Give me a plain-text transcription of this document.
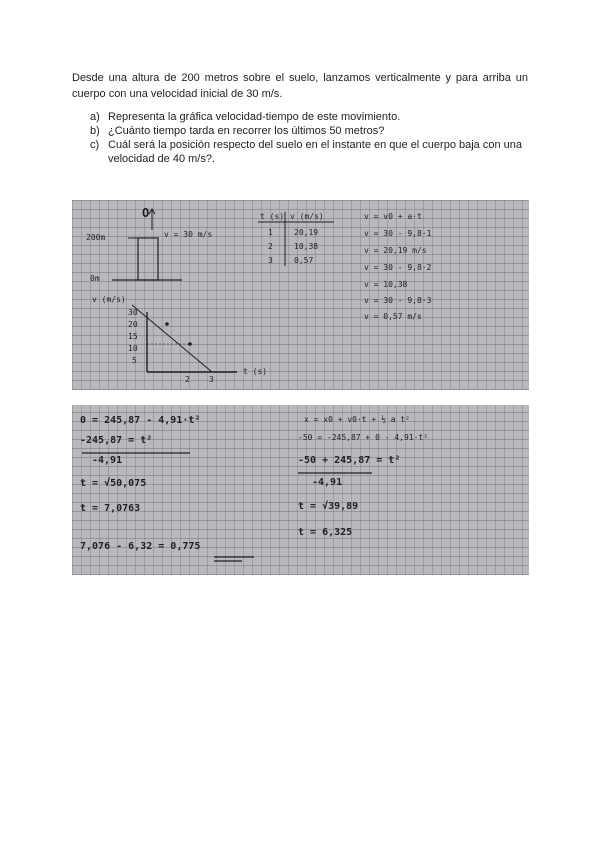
Desde una altura de 200 metros sobre el suelo, lanzamos verticalmente y para arriba un cuerpo con una velocidad inicial de 30 m/s.
a) Representa la gráfica velocidad-tiempo de este movimiento.
b) ¿Cuánto tiempo tarda en recorrer los últimos 50 metros?
c) Cuál será la posición respecto del suelo en el instante en que el cuerpo baja con una velocidad de 40 m/s?.
O
200m	v = 30 m/s
0m
v (m/s)
t (s)
30
20
15
10
5
2 3
t (s) v (m/s)
1	20,19
2	10,38
3	0,57
v = v0 + a·t
v = 30 - 9,8·1
v = 20,19 m/s
v = 30 - 9,8·2
v = 10,38
v = 30 - 9,8·3
v = 0,57 m/s
0 = 245,87 - 4,91·t²
-245,87 = t²
-4,91
t = √50,075
t = 7,0763
7,076 - 6,32 = 0,775
x = x0 + v0·t + ½ a t²
-50 = -245,87 + 0 - 4,91·t²
-50 + 245,87 = t²
-4,91
t = √39,89
t = 6,325
